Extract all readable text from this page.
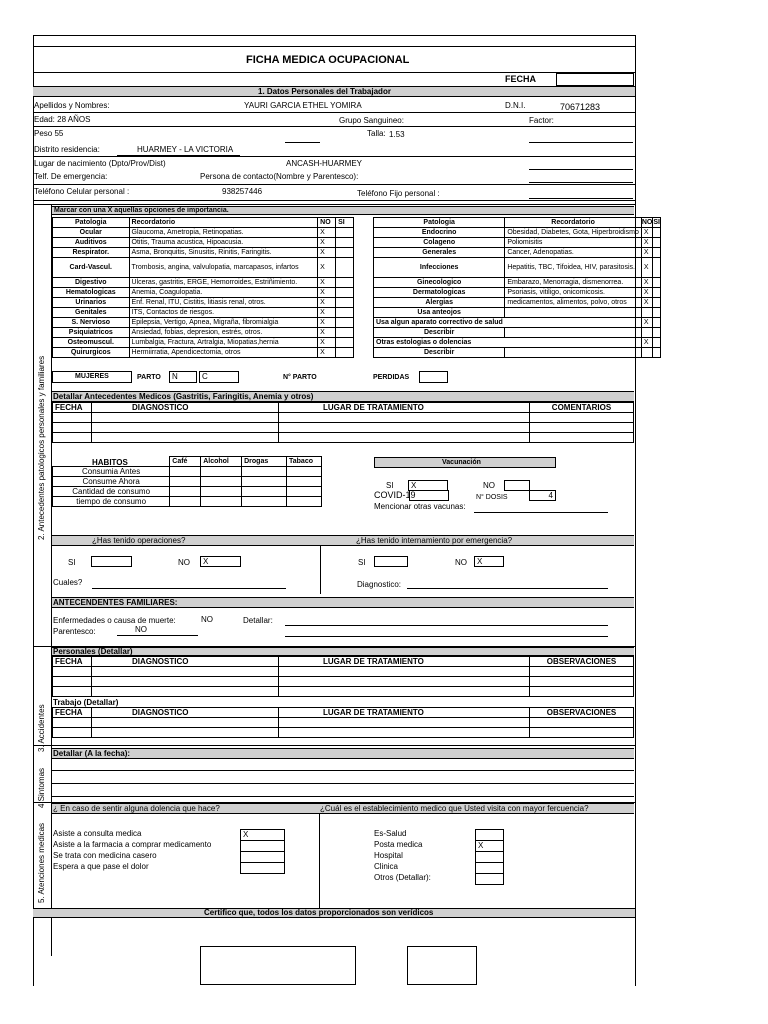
FICHA MEDICA OCUPACIONAL
FECHA
1. Datos Personales del Trabajador
Apellidos y Nombres:	YAURI GARCIA ETHEL YOMIRA	D.N.I.	70671283
Edad: 28 AÑOS	Grupo Sanguineo:	Factor:
Peso 55	Talla: 1.53
Distrito residencia:	HUARMEY - LA VICTORIA
Lugar de nacimiento (Dpto/Prov/Dist)	ANCASH-HUARMEY
Telf. De emergencia:	Persona de contacto(Nombre y Parentesco):
Teléfono Celular personal :	938257446	Teléfono Fijo personal :
2. Antecedentes patologicos personales y familiares
3. Accidentes
4.Sintomas
5. Atenciones medicas
Marcar con una X aquellas opciones de importancia.
Patologia	Recordatorio	NO	SI
Ocular	Glaucoma, Ametropia, Retinopatias.	X	
Auditivos	Otitis, Trauma acustica, Hipoacusia.	X	
Respirator.	Asma, Bronquitis, Sinusitis, Rinitis, Faringitis.	X	
Card-Vascul.	Trombosis, angina, valvulopatia, marcapasos, infartos	X	
Digestivo	Ulceras, gastritis, ERGE, Hemorroides, Estriñimiento.	X	
Hematologicas	Anemia, Coagulopatia.	X	
Urinarios	Enf. Renal, ITU, Cistitis, litiasis renal, otros.	X	
Genitales	ITS, Contactos de riesgos.	X	
S. Nervioso	Epilepsia, Vertigo, Apnea, Migraña, fibromialgia	X	
Psiquiatricos	Ansiedad, fobias, depresion, estrés, otros.	X	
Osteomuscul.	Lumbalgia, Fractura, Artralgia, Miopatias,hernia	X	
Quirurgicos	Hermiirratia, Apendicectomia, otros	X	
Patologia	Recordatorio	NO	SI
Endocrino	Obesidad, Diabetes, Gota, Hiperbroidismo	X	
Colageno	Poliomisitis	X	
Generales	Cancer, Adenopatias.	X	
Infecciones	Hepatitis, TBC, Tifoidea, HIV, parasitosis.	X	
Ginecologico	Embarazo, Menorragia, dismenorrea.	X	
Dermatologicas	Psoriasis, vitiligo, onicomicosis.	X	
Alergias	medicamentos, alimentos, polvo, otros	X	
Usa anteojos			
Usa algun aparato correctivo de salud		X	
Describir			
Otras estologias o dolencias		X	
Describir			
MUJERES	PARTO	N	C	N° PARTO	PERDIDAS
Detallar Antecedentes Medicos (Gastritis, Faringitis, Anemia y otros)
FECHA	DIAGNOSTICO	LUGAR DE TRATAMIENTO	COMENTARIOS

HABITOS
		Café	Alcohol	Drogas	Tabaco
Consumia Antes				
Consume Ahora				
Cantidad de consumo				
tiempo de consumo				
Vacunación
SI	X	NO
COVID-19	N° DOSIS	4
Mencionar otras vacunas:
¿Has tenido operaciones?	¿Has tenido internamiento por emergencia?
SI	NO	X	SI	NO	X
Cuales?	Diagnostico:
ANTECENDENTES FAMILIARES:
Enfermedades o causa de muerte:	NO	Detallar:
Parentesco:	NO
Personales (Detallar)
FECHA	DIAGNOSTICO	LUGAR DE TRATAMIENTO	OBSERVACIONES

Trabajo (Detallar)
FECHA	DIAGNOSTICO	LUGAR DE TRATAMIENTO	OBSERVACIONES

Detallar (A la fecha):
¿ En caso de sentir alguna dolencia que hace?	¿Cuál es el establecimiento medico que Usted visita con mayor fercuencia?
Asiste a consulta medica	X
Asiste a la farmacia a comprar medicamento
Se trata con medicina casero
Espera a que pase el dolor
Es-Salud
Posta medica	X
Hospital
Clinica
Otros (Detallar):
Certifico que, todos los datos proporcionados son verídicos
